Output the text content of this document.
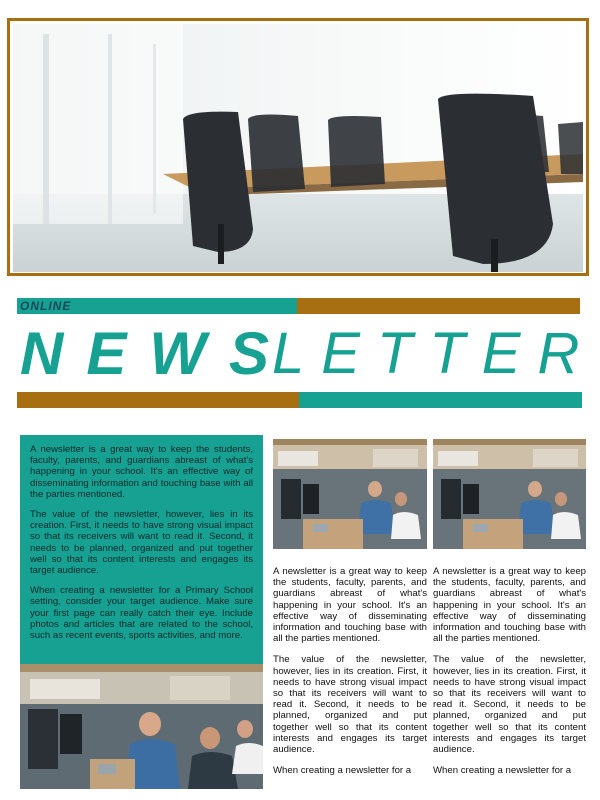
ONLINE
NEWS
LETTER

A newsletter is a great way to keep the students, faculty, parents, and guardians abreast of what's happening in your school. It's an effective way of disseminating information and touching base with all the parties mentioned.

The value of the newsletter, however, lies in its creation. First, it needs to have strong visual impact so that its receivers will want to read it. Second, it needs to be planned, organized and put together well so that its content interests and engages its target audience.

When creating a newsletter for a Primary School setting, consider your target audience. Make sure your first page can really catch their eye. Include photos and articles that are related to the school, such as recent events, sports activities, and more.

A newsletter is a great way to keep the students, faculty, parents, and guardians abreast of what's happening in your school. It's an effective way of disseminating information and touching base with all the parties mentioned.

The value of the newsletter, however, lies in its creation. First, it needs to have strong visual impact so that its receivers will want to read it. Second, it needs to be planned, organized and put together well so that its content interests and engages its target audience.

When creating a newsletter for a

A newsletter is a great way to keep the students, faculty, parents, and guardians abreast of what's happening in your school. It's an effective way of disseminating information and touching base with all the parties mentioned.

The value of the newsletter, however, lies in its creation. First, it needs to have strong visual impact so that its receivers will want to read it. Second, it needs to be planned, organized and put together well so that its content interests and engages its target audience.

When creating a newsletter for a
